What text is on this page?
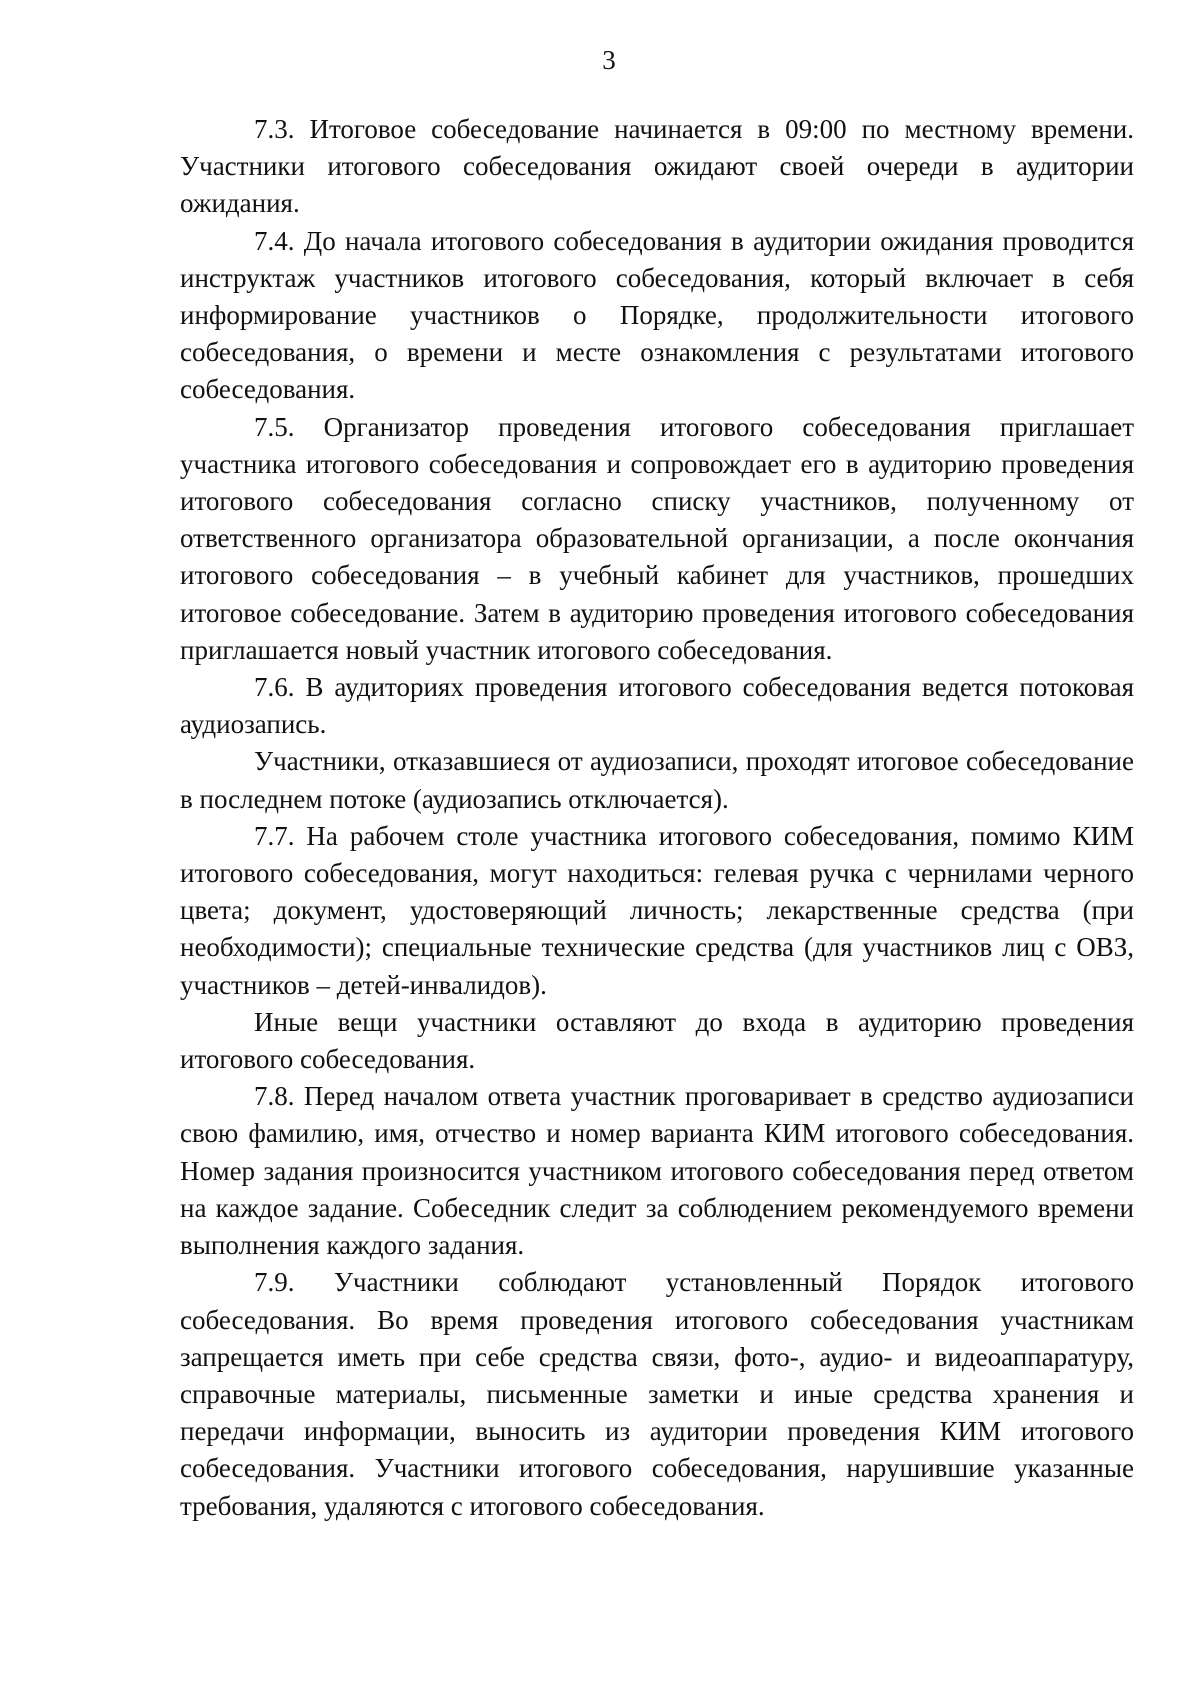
3

7.3. Итоговое собеседование начинается в 09:00 по местному времени. Участники итогового собеседования ожидают своей очереди в аудитории ожидания.

7.4. До начала итогового собеседования в аудитории ожидания проводится инструктаж участников итогового собеседования, который включает в себя информирование участников о Порядке, продолжительности итогового собеседования, о времени и месте ознакомления с результатами итогового собеседования.

7.5. Организатор проведения итогового собеседования приглашает участника итогового собеседования и сопровождает его в аудиторию проведения итогового собеседования согласно списку участников, полученному от ответственного организатора образовательной организации, а после окончания итогового собеседования – в учебный кабинет для участников, прошедших итоговое собеседование. Затем в аудиторию проведения итогового собеседования приглашается новый участник итогового собеседования.

7.6. В аудиториях проведения итогового собеседования ведется потоковая аудиозапись.

Участники, отказавшиеся от аудиозаписи, проходят итоговое собеседование в последнем потоке (аудиозапись отключается).

7.7. На рабочем столе участника итогового собеседования, помимо КИМ итогового собеседования, могут находиться: гелевая ручка с чернилами черного цвета; документ, удостоверяющий личность; лекарственные средства (при необходимости); специальные технические средства (для участников лиц с ОВЗ, участников – детей-инвалидов).

Иные вещи участники оставляют до входа в аудиторию проведения итогового собеседования.

7.8. Перед началом ответа участник проговаривает в средство аудиозаписи свою фамилию, имя, отчество и номер варианта КИМ итогового собеседования. Номер задания произносится участником итогового собеседования перед ответом на каждое задание. Собеседник следит за соблюдением рекомендуемого времени выполнения каждого задания.

7.9. Участники соблюдают установленный Порядок итогового собеседования. Во время проведения итогового собеседования участникам запрещается иметь при себе средства связи, фото-, аудио- и видеоаппаратуру, справочные материалы, письменные заметки и иные средства хранения и передачи информации, выносить из аудитории проведения КИМ итогового собеседования. Участники итогового собеседования, нарушившие указанные требования, удаляются с итогового собеседования.
